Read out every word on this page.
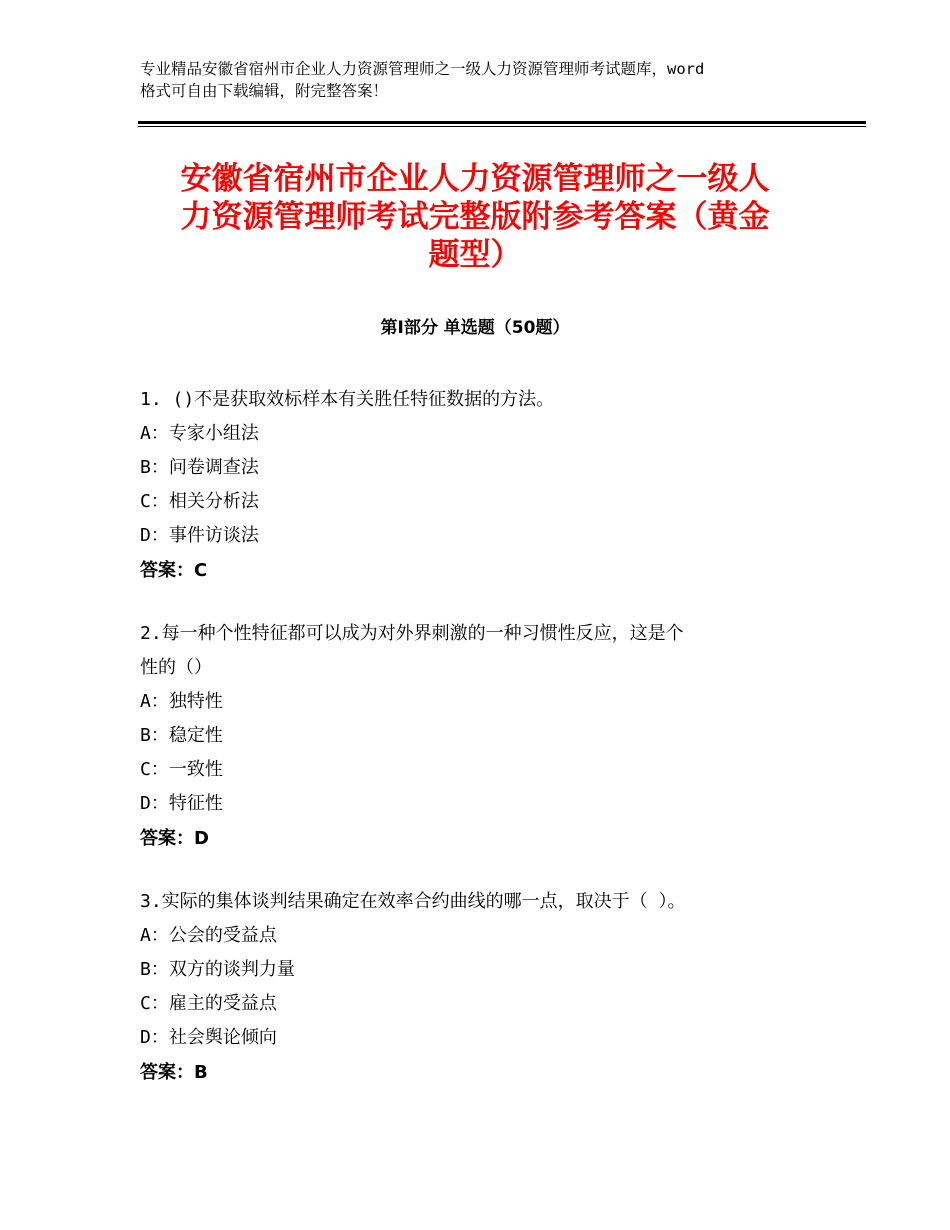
专业精品安徽省宿州市企业人力资源管理师之一级人力资源管理师考试题库，word
格式可自由下载编辑，附完整答案！
安徽省宿州市企业人力资源管理师之一级人
力资源管理师考试完整版附参考答案（黄金
题型）
第Ⅰ部分 单选题（50题）
1. ()不是获取效标样本有关胜任特征数据的方法。
A：专家小组法
B：问卷调查法
C：相关分析法
D：事件访谈法
答案：C
2.每一种个性特征都可以成为对外界刺激的一种习惯性反应，这是个
性的（）
A：独特性
B：稳定性
C：一致性
D：特征性
答案：D
3.实际的集体谈判结果确定在效率合约曲线的哪一点，取决于（ ）。
A：公会的受益点
B：双方的谈判力量
C：雇主的受益点
D：社会舆论倾向
答案：B
